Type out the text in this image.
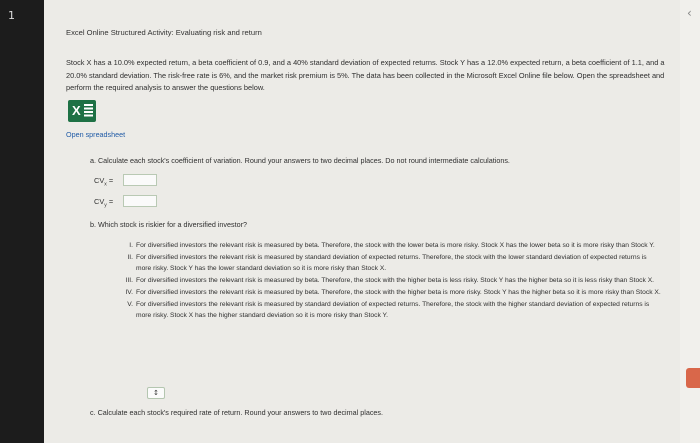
1
Excel Online Structured Activity: Evaluating risk and return
Stock X has a 10.0% expected return, a beta coefficient of 0.9, and a 40% standard deviation of expected returns. Stock Y has a 12.0% expected return, a beta coefficient of 1.1, and a 20.0% standard deviation. The risk-free rate is 6%, and the market risk premium is 5%. The data has been collected in the Microsoft Excel Online file below. Open the spreadsheet and perform the required analysis to answer the questions below.
X
Open spreadsheet
a. Calculate each stock's coefficient of variation. Round your answers to two decimal places. Do not round intermediate calculations.
$CV_x$ =
$CV_y$ =
b. Which stock is riskier for a diversified investor?
I. For diversified investors the relevant risk is measured by beta. Therefore, the stock with the lower beta is more risky. Stock X has the lower beta so it is more risky than Stock Y.
II. For diversified investors the relevant risk is measured by standard deviation of expected returns. Therefore, the stock with the lower standard deviation of expected returns is more risky. Stock Y has the lower standard deviation so it is more risky than Stock X.
III. For diversified investors the relevant risk is measured by beta. Therefore, the stock with the higher beta is less risky. Stock Y has the higher beta so it is less risky than Stock X.
IV. For diversified investors the relevant risk is measured by beta. Therefore, the stock with the higher beta is more risky. Stock Y has the higher beta so it is more risky than Stock X.
V. For diversified investors the relevant risk is measured by standard deviation of expected returns. Therefore, the stock with the higher standard deviation of expected returns is more risky. Stock X has the higher standard deviation so it is more risky than Stock Y.
↕
c. Calculate each stock's required rate of return. Round your answers to two decimal places.
‹
